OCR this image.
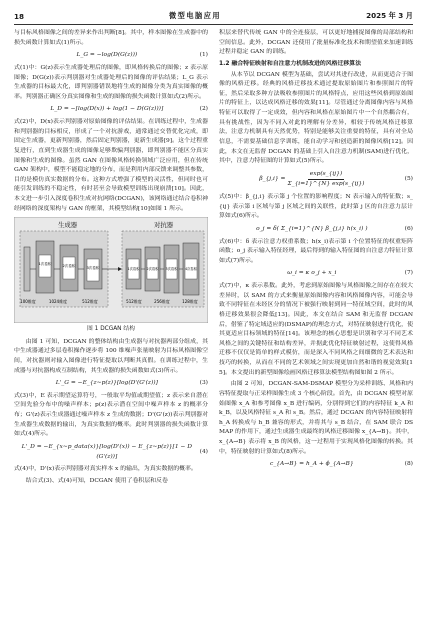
18	微型电脑应用	2025 年 3 月

与目标风格图像之间的差异来作出判断[8]。其中，样本图像在生成器中的损失函数计算如式(1)所示。

L_G = −log(D(G(z)))	(1)

式(1)中：G(z)表示生成器处理后的图像，即风格转换后的图像；z 表示原图像；D(G(z))表示判别器对生成器处理后的图像的评估结果；L_G 表示生成器的目标最大化，即判别器错误地将生成的图像分类为真实图像的概率。判别器正确区分真实图像和生成的图像的损失函数计算如式(2)所示。

L_D = −[log(D(x)) + log(1 − D(G(z)))]	(2)

式(2)中，D(x)表示判别器对原始图像的评估结果。在训练过程中，生成器和判别器的目标相反，形成了一个对抗游戏，通常通过交替优化完成，即固定生成器，更新判别器，然后固定判别器，更新生成器[9]。这个过程重复进行，直到生成器生成的图像足够欺骗判别器，即判别器不能区分真实图像和生成的图像。虽然 GAN 在图像风格转换领域广泛应用，但在传统 GAN 架构中，模型不能稳定地的分布，而是利用内部反馈来调整其参数，目的是模仿真实数据的分布。这种方式增强了模型的灵活性，但同时也可能引发训练的不稳定性，有时甚至会导致模型训练出现崩溃[10]。因此，本文进一步引入深度卷积生成对抗网络(DCGAN)，该网络通过结合卷积神经网络的深度架构与 GAN 的框架，其模型结构[10]如图 1 所示。

生成器
1次卷积	2次卷积	3次卷积
100维度	1024维度	512维度
对抗器
1次卷积 2次卷积 3次卷积 4次卷积
512维度	256维度	128维度
图 1 DCGAN 结构

由图 1 可知，DCGAN 的整体结构由生成器与对抗器两部分组成，其中生成器通过多层卷积操作逐步将 100 维噪声张量映射为目标风格图像空间，对抗器则对输入图像进行特征提取以判断其真假。在训练过程中，生成器与对抗器构成互制结构，其生成器的损失函数如式(3)所示。

L'_G = −E_{z∼p(z)}[log(D'(G'(z))]	(3)

式(3)中，E 表示期望运算符号，一般取平均值或期望值；z 表示来自潜在空间先验分布中的噪声样本；p(z)表示潜在空间中噪声样本 z 的概率分布；G'(z)表示生成器通过噪声样本 z 生成的数据；D'(G'(z))表示判别器对生成器生成数据的输出，为真实数据的概率。此时判别器的损失函数计算如式(4)所示。

L'_D = −E_{x∼p_data(x)}[log(D'(x)) − E_{z∼p(z)}[1 − D(G'(z))]
(4)

式(4)中，D'(x)表示判别器对真实样本 x 的输出，为真实数据的概率。

结合式(3)、式(4)可知，DCGAN 使用了卷积层和反卷

积层来替代传统 GAN 中的全连接层，可以更好地捕捉图像的局部结构和空间信息。此外，DCGAN 还使用了批量标准化技术和期望值来加速训练过程并稳定 GAN 的训练。

1.2 融合特征映射和自注意力机制改进的风格迁移算法

从本节以 DCGAN 模型为基础，尝试对其进行改进，从而更适合于图像的风格迁移。经典的风格迁移技术通过提取原始图片和参照图片的特征，然后采取多种方法吸收参照图片的风格特点，应用这些风格到原始图片的特征上，以达成风格迁移的效果[11]。尽管通过分离图像内容与风格特征可以取得了一定成效，但内容和风格在原始图片中一个自然耦合有，具有挑战性，因为不同入对此的理解有分差异，相较于传统风格迁移算法，注意力机制具有天然优势，特别是能够关注重要的特征，具有对全局信息，不需要基础信息学训练，能自动学习和创造新的图像风格[12]。因此，本文在无监督 DCGAN 的基础上引入自注意力机制(SAM)进行优化，其中，注意力特征图的计算如式(5)所示。

β_{j,i} = $\frac{\exp(s\_\{ij\})}{\Sigma\_\{i=1\}\^{}\{N\} \exp(s\_\{ij\})}$	(5)

式(5)中：β_{j,i} 表示第 j 个位置的影响程度；N 表示输入的特征数；s_{ij} 表示第 i 区域与第 j 区域之间的关联性，此时第 j 区的自注意力层计算如式(6)所示。

o_j = δ( Σ_{i=1}^{N} β_{j,i} h(x_i) )	(6)

式(6)中：δ 表示注意力权重系数；h(x_i)表示第 i 个位置特征的权重矩阵函数；o_j 表示输入特征经理，最后得到的输入特征图的自注意力特征计算如式(7)所示。

ω_i = κ o_j + x_i	(7)

式(7)中，κ 表示系数。此外，考虑到原始图像与风格图像之间存在在较大差异时，以 SAM 的方式来衡量原始图像内容和风格图像内容，可能会导致不同特征在未经区分的情况下被强行映射到同一特征域空间，此时的风格迁移效果很会降低[13]。因此，本文在结合 SAM 和无监督 DCGAN 后，借鉴了特定域适应的(DSMAP)的理念方式，对特征映射进行优化，使其更适应目标领域的特征[14]。该理念的核心思想是识别和学习不同艺术风格之间的关键特征和结构差异，并据此优化特征映射过程，这使得风格迁移不仅仅是简单的样式模仿，而是深入不同风格之间细微的艺术表达和技巧的转换，从而在不同的艺术领域之间实现更加自然和谐的视觉效果[15]。本文提出的新型图像绘画风格迁移算法模型结构图如图 2 所示。

由图 2 可知，DCGAN-SAM-DSMAP 模型分为采样训练、风格和内容特征提取与正采样图像生成 3 个核心阶段。首先，由 DCGAN 模型对原始图像 x_A 和参考图像 x_B 进行编码，分别得到它们的内容特征 k_A 和 k_B，以及风格特征 s_A 和 s_B。然后，通过 DCGAN 的内容特征映射将 h_A 转换成与 h_B 兼容的形式，并将其与 s_B 结合，在 SAM 联合 DSMAP 的作用下，通过生成器生成最终的风格迁移图像 x_{A→B}。其中，x_{A→B} 表示将 x_B 的风格，这一过程用于实现风格化图像的转换。其中，特征映射的计算如式(8)所示。

c_{A→B} = h_A + ϕ_{A→B}	(8)
